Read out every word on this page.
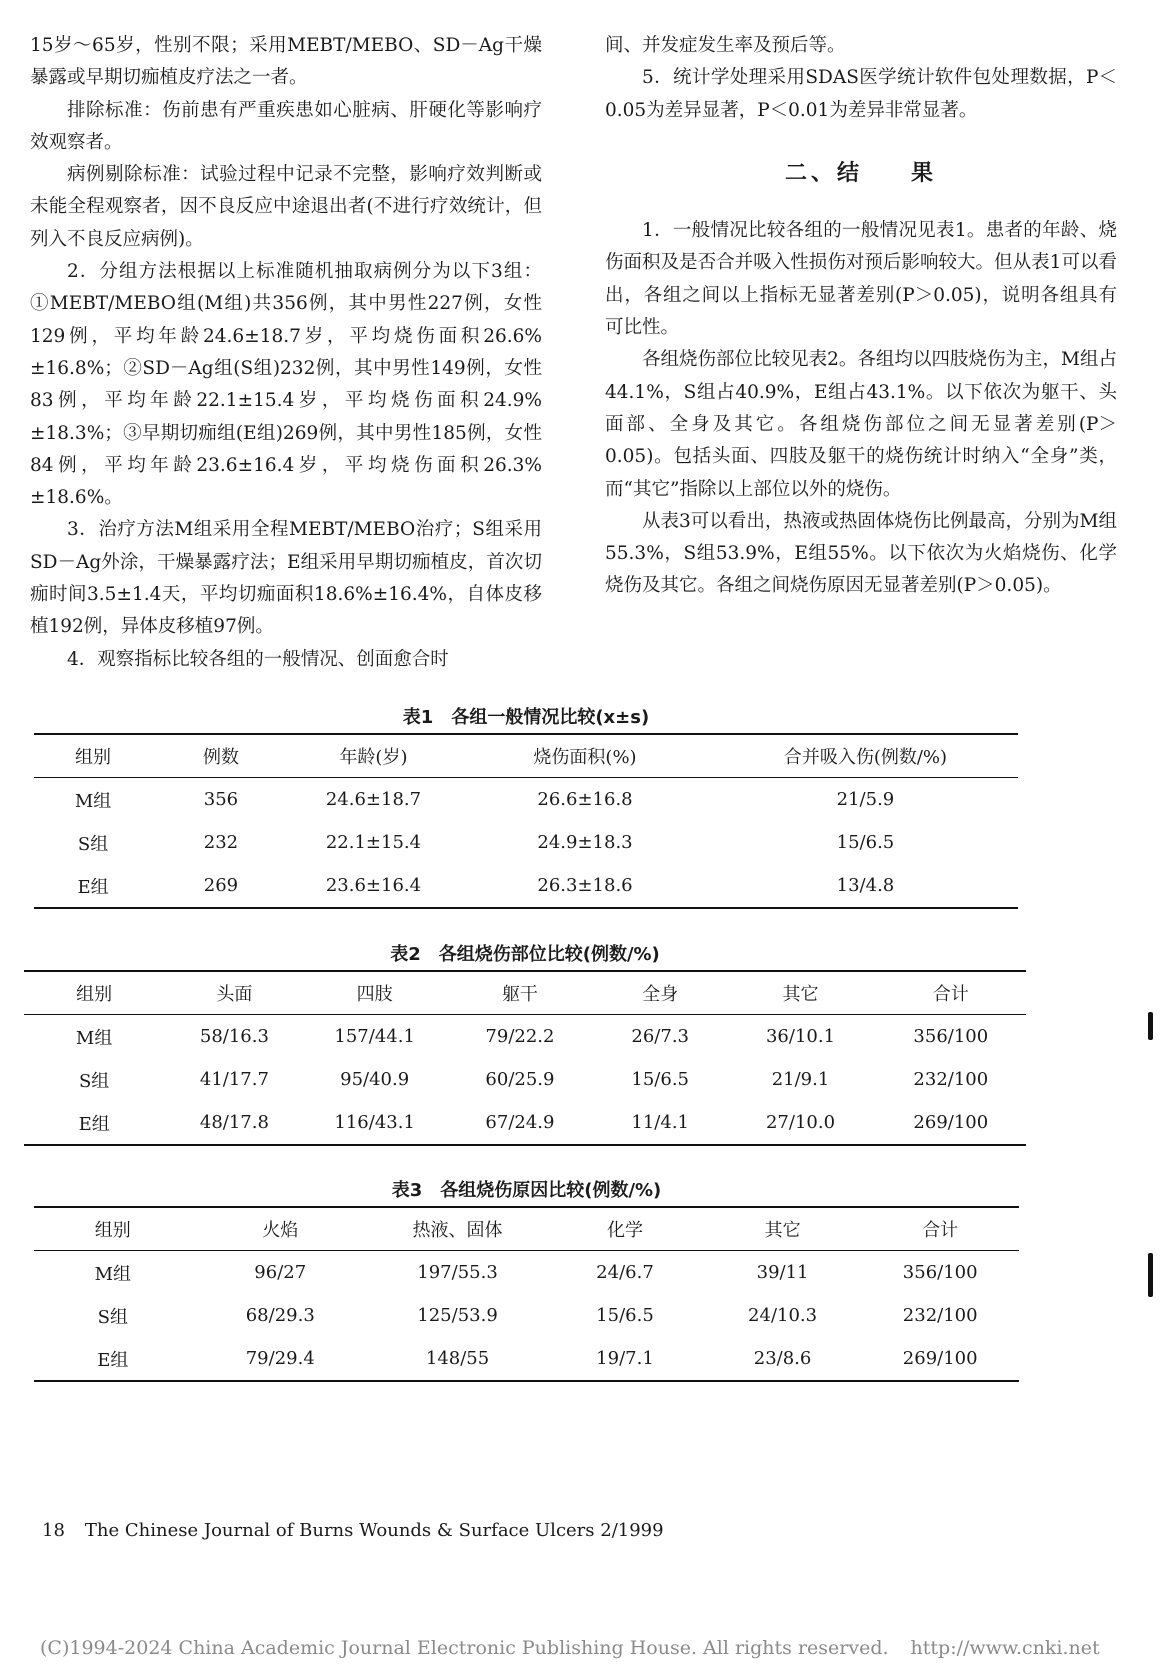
15岁～65岁，性别不限；采用MEBT/MEBO、SD－Ag干燥暴露或早期切痂植皮疗法之一者。

排除标准：伤前患有严重疾患如心脏病、肝硬化等影响疗效观察者。

病例剔除标准：试验过程中记录不完整，影响疗效判断或未能全程观察者，因不良反应中途退出者(不进行疗效统计，但列入不良反应病例)。

2．分组方法根据以上标准随机抽取病例分为以下3组：①MEBT/MEBO组(M组)共356例，其中男性227例，女性129例，平均年龄24.6±18.7岁，平均烧伤面积26.6%±16.8%；②SD－Ag组(S组)232例，其中男性149例，女性83例，平均年龄22.1±15.4岁，平均烧伤面积24.9%±18.3%；③早期切痂组(E组)269例，其中男性185例，女性84例，平均年龄23.6±16.4岁，平均烧伤面积26.3%±18.6%。

3．治疗方法M组采用全程MEBT/MEBO治疗；S组采用SD－Ag外涂，干燥暴露疗法；E组采用早期切痂植皮，首次切痂时间3.5±1.4天，平均切痂面积18.6%±16.4%，自体皮移植192例，异体皮移植97例。

4．观察指标比较各组的一般情况、创面愈合时

间、并发症发生率及预后等。

5．统计学处理采用SDAS医学统计软件包处理数据，P＜0.05为差异显著，P＜0.01为差异非常显著。

二、结 果

1．一般情况比较各组的一般情况见表1。患者的年龄、烧伤面积及是否合并吸入性损伤对预后影响较大。但从表1可以看出，各组之间以上指标无显著差别(P＞0.05)，说明各组具有可比性。

各组烧伤部位比较见表2。各组均以四肢烧伤为主，M组占44.1%，S组占40.9%，E组占43.1%。以下依次为躯干、头面部、全身及其它。各组烧伤部位之间无显著差别(P＞0.05)。包括头面、四肢及躯干的烧伤统计时纳入“全身”类，而“其它”指除以上部位以外的烧伤。

从表3可以看出，热液或热固体烧伤比例最高，分别为M组55.3%，S组53.9%，E组55%。以下依次为火焰烧伤、化学烧伤及其它。各组之间烧伤原因无显著差别(P＞0.05)。

表1　各组一般情况比较(x±s)
组别	例数	年龄(岁)	烧伤面积(%)	合并吸入伤(例数/%)
M组	356	24.6±18.7	26.6±16.8	21/5.9
S组	232	22.1±15.4	24.9±18.3	15/6.5
E组	269	23.6±16.4	26.3±18.6	13/4.8
表2　各组烧伤部位比较(例数/%)
组别	头面	四肢	躯干	全身	其它	合计
M组	58/16.3	157/44.1	79/22.2	26/7.3	36/10.1	356/100
S组	41/17.7	95/40.9	60/25.9	15/6.5	21/9.1	232/100
E组	48/17.8	116/43.1	67/24.9	11/4.1	27/10.0	269/100
表3　各组烧伤原因比较(例数/%)
组别	火焰	热液、固体	化学	其它	合计
M组	96/27	197/55.3	24/6.7	39/11	356/100
S组	68/29.3	125/53.9	15/6.5	24/10.3	232/100
E组	79/29.4	148/55	19/7.1	23/8.6	269/100
18 The Chinese Journal of Burns Wounds & Surface Ulcers 2/1999
(C)1994-2024 China Academic Journal Electronic Publishing House. All rights reserved. http://www.cnki.net
